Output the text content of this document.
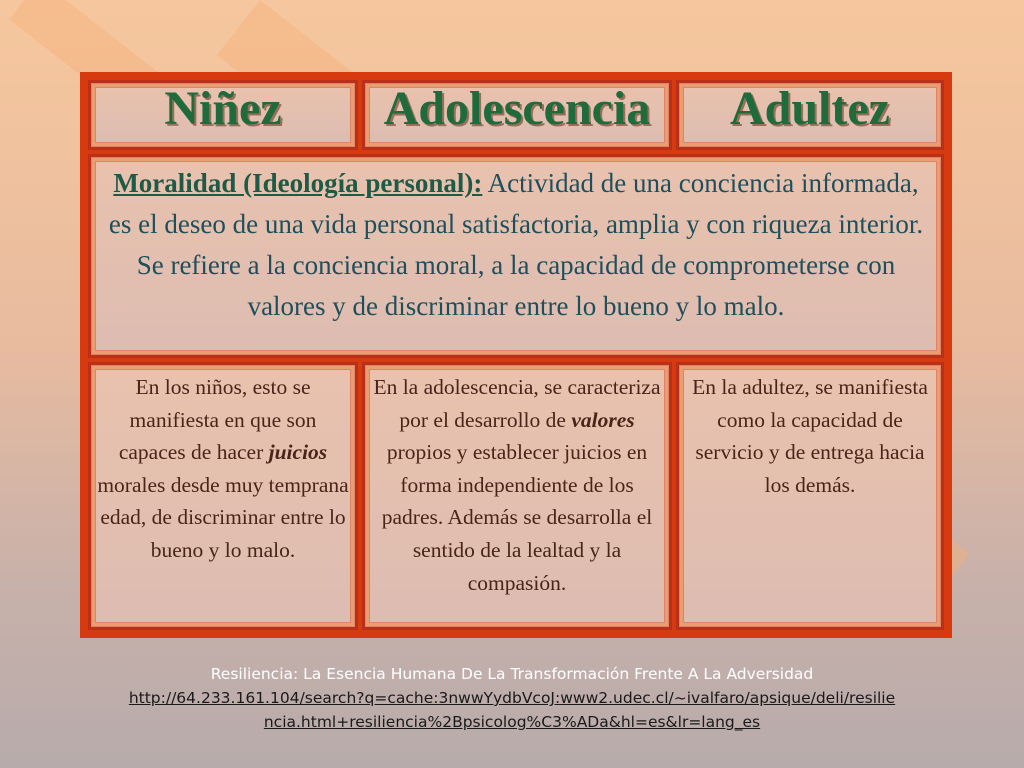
Niñez	Adolescencia	Adultez
Moralidad (Ideología personal): Actividad de una conciencia informada, es el deseo de una vida personal satisfactoria, amplia y con riqueza interior. Se refiere a la conciencia moral, a la capacidad de comprometerse con valores y de discriminar entre lo bueno y lo malo.
En los niños, esto se manifiesta en que son capaces de hacer juicios morales desde muy temprana edad, de discriminar entre lo bueno y lo malo.
En la adolescencia, se caracteriza por el desarrollo de valores propios y establecer juicios en forma independiente de los padres. Además se desarrolla el sentido de la lealtad y la compasión.
En la adultez, se manifiesta como la capacidad de servicio y de entrega hacia los demás.
Resiliencia: La Esencia Humana De La Transformación Frente A La Adversidad
http://64.233.161.104/search?q=cache:3nwwYydbVcoJ:www2.udec.cl/~ivalfaro/apsique/deli/resilie
ncia.html+resiliencia%2Bpsicolog%C3%ADa&hl=es&lr=lang_es
